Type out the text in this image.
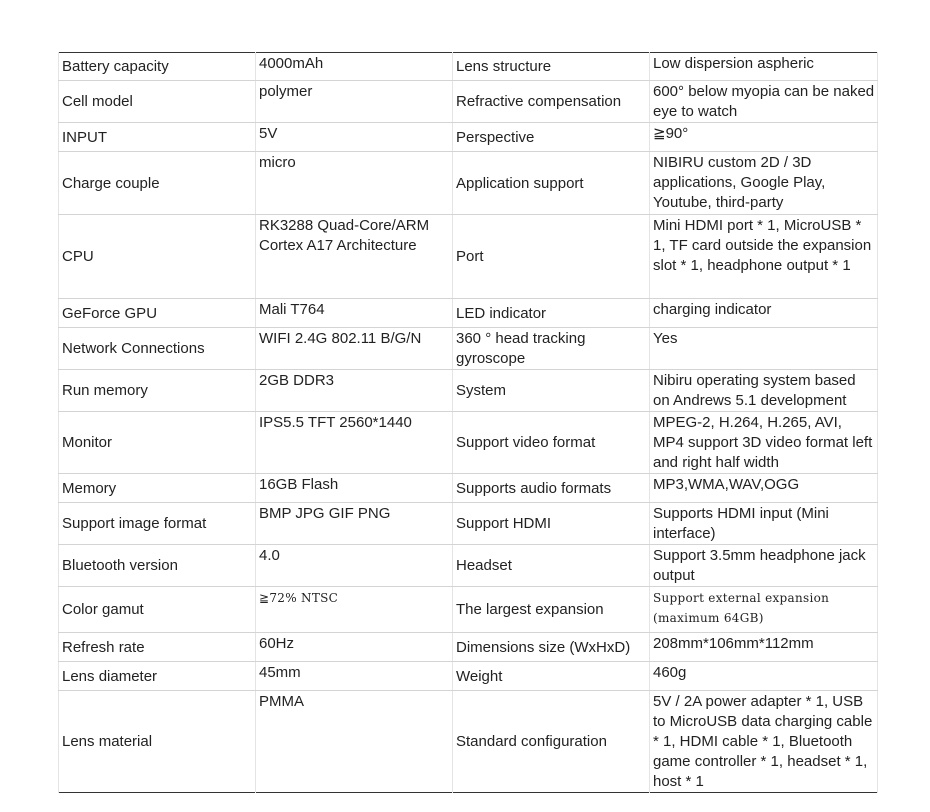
Battery capacity	4000mAh	Lens structure	Low dispersion aspheric
Cell model	polymer	Refractive compensation	600° below myopia can be naked eye to watch
INPUT	5V	Perspective	≧90°
Charge couple	micro	Application support	NIBIRU custom 2D / 3D applications, Google Play, Youtube, third-party
CPU	RK3288 Quad-Core/ARM Cortex A17 Architecture	Port	Mini HDMI port * 1, MicroUSB * 1, TF card outside the expansion slot * 1, headphone output * 1
GeForce GPU	Mali T764	LED indicator	charging indicator
Network Connections	WIFI 2.4G 802.11 B/G/N	360 ° head tracking gyroscope	Yes
Run memory	2GB DDR3	System	Nibiru operating system based on Andrews 5.1 development
Monitor	IPS5.5 TFT 2560*1440	Support video format	MPEG-2, H.264, H.265, AVI, MP4 support 3D video format left and right half width
Memory	16GB Flash	Supports audio formats	MP3,WMA,WAV,OGG
Support image format	BMP JPG GIF PNG	Support HDMI	Supports HDMI input (Mini interface)
Bluetooth version	4.0	Headset	Support 3.5mm headphone jack output
Color gamut	≧72% NTSC	The largest expansion	Support external expansion (maximum 64GB)
Refresh rate	60Hz	Dimensions size (WxHxD)	208mm*106mm*112mm
Lens diameter	45mm	Weight	460g
Lens material	PMMA	Standard configuration	5V / 2A power adapter * 1, USB to MicroUSB data charging cable * 1, HDMI cable * 1, Bluetooth game controller * 1, headset * 1, host * 1
